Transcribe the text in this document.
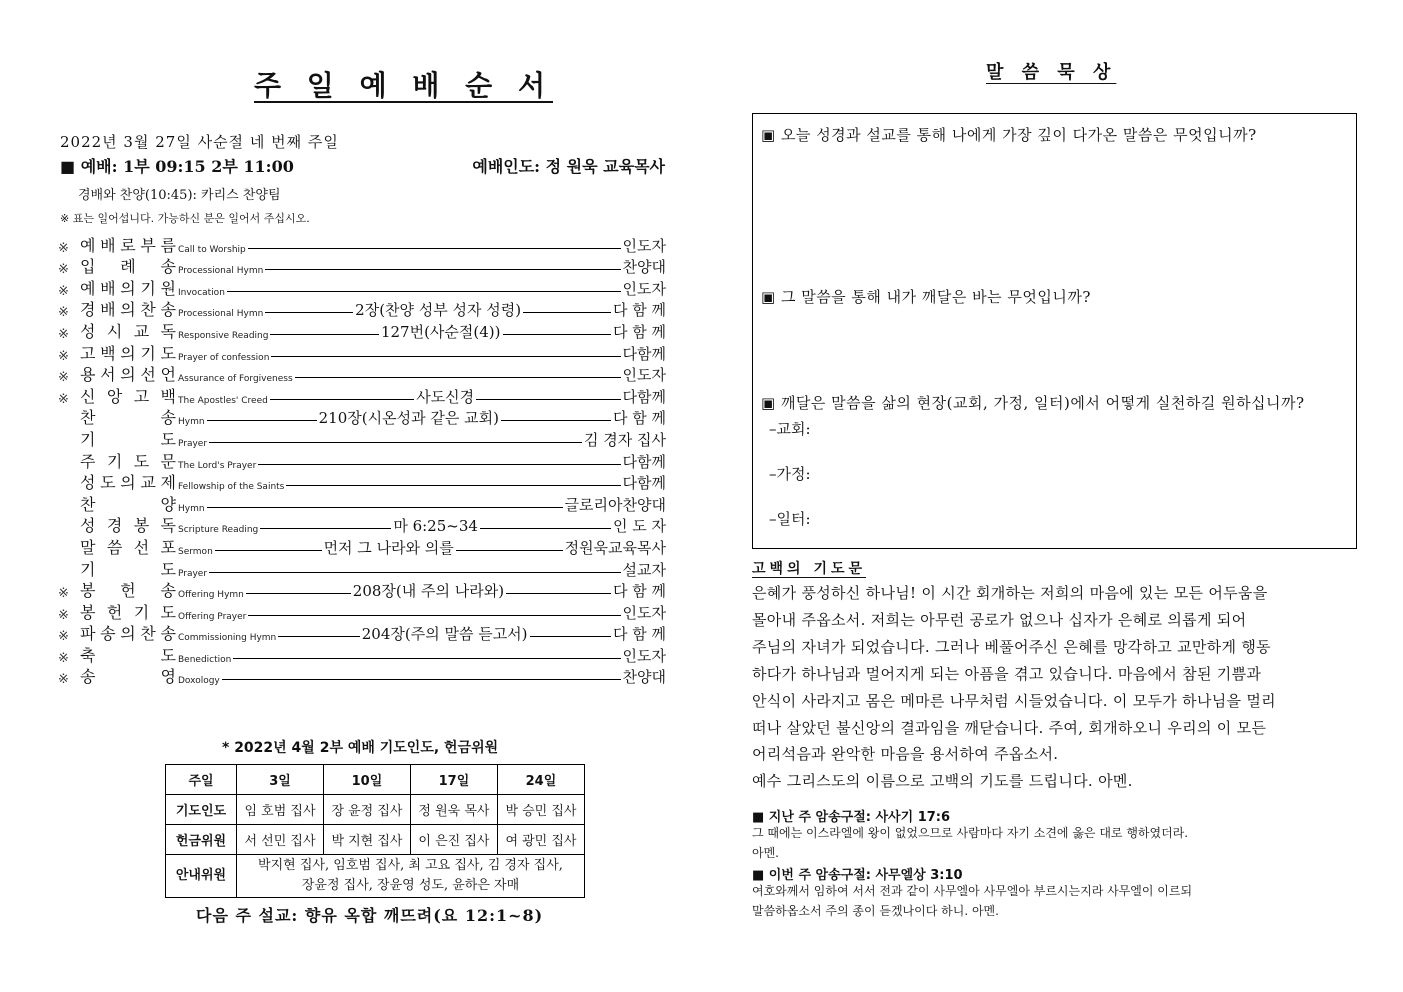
주 일 예 배 순 서
2022년 3월 27일 사순절 네 번째 주일
■ 예배: 1부 09:15 2부 11:00	예배인도: 정 원욱 교육목사
경배와 찬양(10:45): 카리스 찬양팀
※ 표는 일어섭니다. 가능하신 분은 일어서 주십시오.
※ 예 배 로 부 름 Call to Worship	인도자
※ 입 례 송 Processional Hymn	찬양대
※ 예 배 의 기 원 Invocation	인도자
※ 경 배 의 찬 송 Processional Hymn	2장(찬양 성부 성자 성령)	다 함 께
※ 성 시 교 독 Responsive Reading	127번(사순절(4))	다 함 께
※ 고 백 의 기 도 Prayer of confession	다함께
※ 용 서 의 선 언 Assurance of Forgiveness	인도자
※ 신 앙 고 백 The Apostles' Creed	사도신경	다함께
찬	송 Hymn	210장(시온성과 같은 교회)	다 함 께
기	도 Prayer	김 경자 집사
주 기 도 문 The Lord's Prayer	다함께
성 도 의 교 제 Fellowship of the Saints	다함께
찬	양 Hymn	글로리아찬양대
성 경 봉 독 Scripture Reading	마 6:25~34	인 도 자
말 씀 선 포 Sermon	먼저 그 나라와 의를	정원욱교육목사
기	도 Prayer	설교자
※ 봉 헌 송 Offering Hymn	208장(내 주의 나라와)	다 함 께
※ 봉 헌 기 도 Offering Prayer	인도자
※ 파 송 의 찬 송 Commissioning Hymn	204장(주의 말씀 듣고서)	다 함 께
※ 축	도 Benediction	인도자
※ 송	영 Doxology	찬양대
* 2022년 4월 2부 예배 기도인도, 헌금위원
주일	3일	10일	17일	24일
기도인도	임 호범 집사	장 윤정 집사	정 원욱 목사	박 승민 집사
헌금위원	서 선민 집사	박 지현 집사	이 은진 집사	여 광민 집사
안내위원	박지현 집사, 임호범 집사, 최 고요 집사, 김 경자 집사,
장윤정 집사, 장윤영 성도, 윤하은 자매			
다음 주 설교: 향유 옥합 깨뜨려(요 12:1~8)
말 씀 묵 상
▣ 오늘 성경과 설교를 통해 나에게 가장 깊이 다가온 말씀은 무엇입니까?
▣ 그 말씀을 통해 내가 깨달은 바는 무엇입니까?
▣ 깨달은 말씀을 삶의 현장(교회, 가정, 일터)에서 어떻게 실천하길 원하십니까?
–교회:
–가정:
–일터:
고백의 기도문

은혜가 풍성하신 하나님! 이 시간 회개하는 저희의 마음에 있는 모든 어두움을

몰아내 주옵소서. 저희는 아무런 공로가 없으나 십자가 은혜로 의롭게 되어

주님의 자녀가 되었습니다. 그러나 베풀어주신 은혜를 망각하고 교만하게 행동

하다가 하나님과 멀어지게 되는 아픔을 겪고 있습니다. 마음에서 참된 기쁨과

안식이 사라지고 몸은 메마른 나무처럼 시들었습니다. 이 모두가 하나님을 멀리

떠나 살았던 불신앙의 결과임을 깨닫습니다. 주여, 회개하오니 우리의 이 모든

어리석음과 완악한 마음을 용서하여 주옵소서.

예수 그리스도의 이름으로 고백의 기도를 드립니다. 아멘.

■ 지난 주 암송구절: 사사기 17:6
그 때에는 이스라엘에 왕이 없었으므로 사람마다 자기 소견에 옳은 대로 행하였더라.
아멘.
■ 이번 주 암송구절: 사무엘상 3:10
여호와께서 임하여 서서 전과 같이 사무엘아 사무엘아 부르시는지라 사무엘이 이르되
말씀하옵소서 주의 종이 듣겠나이다 하니. 아멘.
